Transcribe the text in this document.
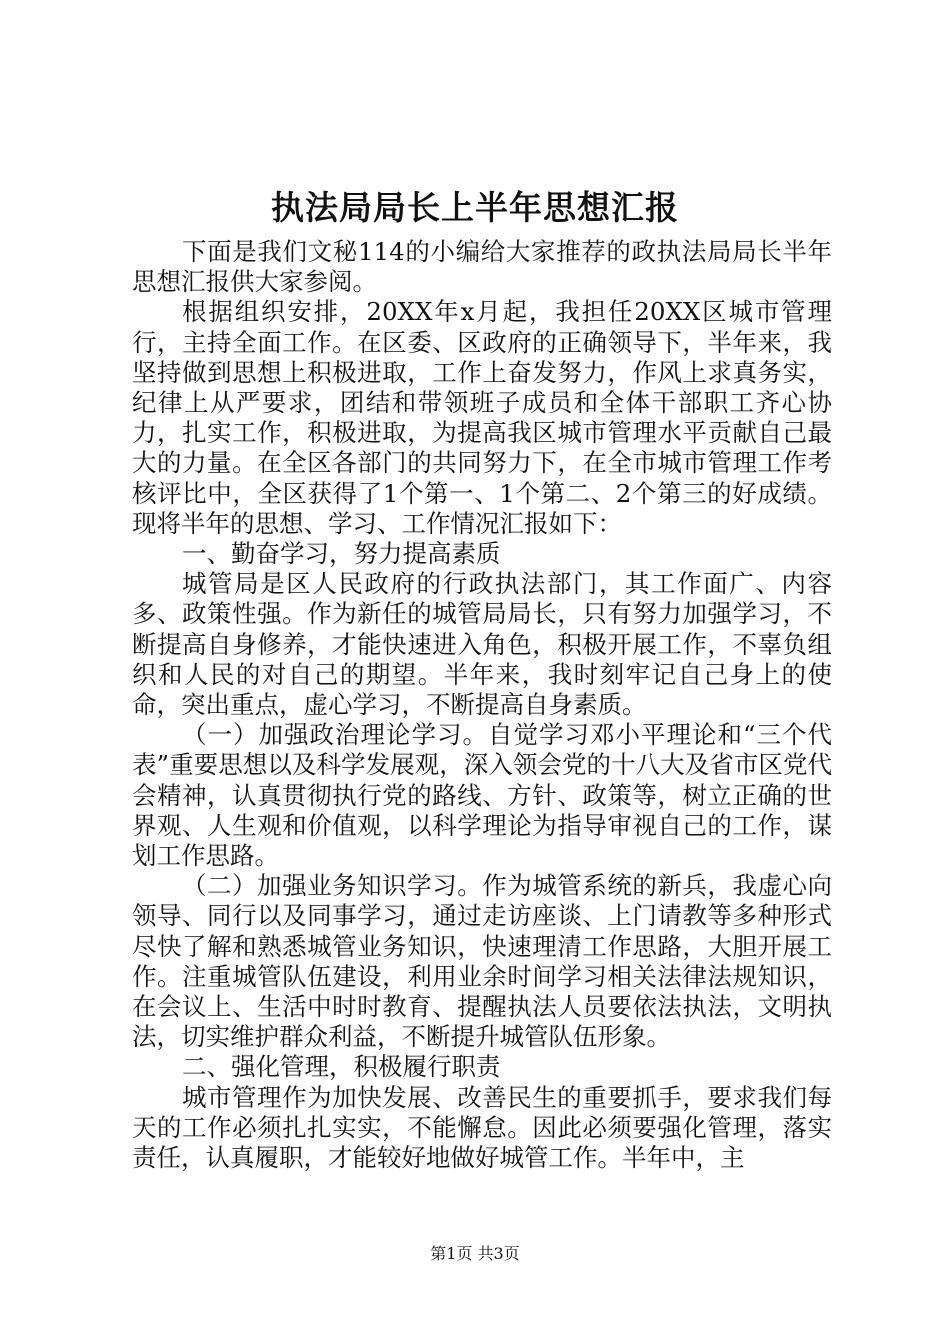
执法局局长上半年思想汇报

下面是我们文秘114的小编给大家推荐的政执法局局长半年思想汇报供大家参阅。

根据组织安排，20XX年x月起，我担任20XX区城市管理行，主持全面工作。在区委、区政府的正确领导下，半年来，我坚持做到思想上积极进取，工作上奋发努力，作风上求真务实，纪律上从严要求，团结和带领班子成员和全体干部职工齐心协力，扎实工作，积极进取，为提高我区城市管理水平贡献自己最大的力量。在全区各部门的共同努力下，在全市城市管理工作考核评比中，全区获得了1个第一、1个第二、2个第三的好成绩。现将半年的思想、学习、工作情况汇报如下：

一、勤奋学习，努力提高素质

城管局是区人民政府的行政执法部门，其工作面广、内容多、政策性强。作为新任的城管局局长，只有努力加强学习，不断提高自身修养，才能快速进入角色，积极开展工作，不辜负组织和人民的对自己的期望。半年来，我时刻牢记自己身上的使命，突出重点，虚心学习，不断提高自身素质。

（一）加强政治理论学习。自觉学习邓小平理论和“三个代表”重要思想以及科学发展观，深入领会党的十八大及省市区党代会精神，认真贯彻执行党的路线、方针、政策等，树立正确的世界观、人生观和价值观，以科学理论为指导审视自己的工作，谋划工作思路。

（二）加强业务知识学习。作为城管系统的新兵，我虚心向领导、同行以及同事学习，通过走访座谈、上门请教等多种形式尽快了解和熟悉城管业务知识，快速理清工作思路，大胆开展工作。注重城管队伍建设，利用业余时间学习相关法律法规知识，在会议上、生活中时时教育、提醒执法人员要依法执法，文明执法，切实维护群众利益，不断提升城管队伍形象。

二、强化管理，积极履行职责

城市管理作为加快发展、改善民生的重要抓手，要求我们每天的工作必须扎扎实实，不能懈怠。因此必须要强化管理，落实责任，认真履职，才能较好地做好城管工作。半年中，主

第1页 共3页
